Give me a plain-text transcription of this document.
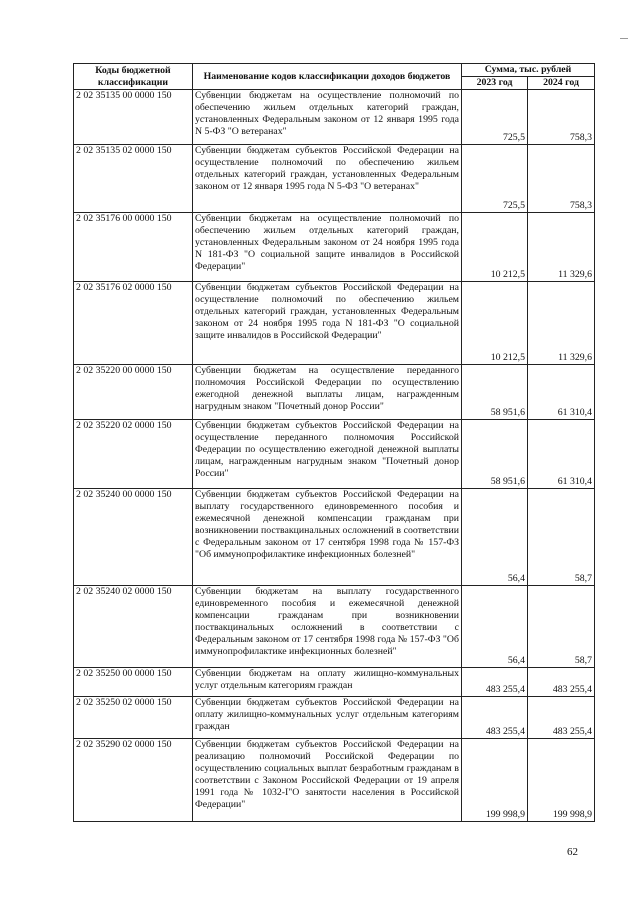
Коды бюджетной классификации	Наименование кодов классификации доходов бюджетов	Сумма, тыс. рублей	
		2023 год	2024 год
2 02 35135 00 0000 150	Субвенции бюджетам на осуществление полномочий по обеспечению жильем отдельных категорий граждан, установленных Федеральным законом от 12 января 1995 года N 5-ФЗ "О ветеранах"	725,5	758,3
2 02 35135 02 0000 150	Субвенции бюджетам субъектов Российской Федерации на осуществление полномочий по обеспечению жильем отдельных категорий граждан, установленных Федеральным законом от 12 января 1995 года N 5-ФЗ "О ветеранах"	725,5	758,3
2 02 35176 00 0000 150	Субвенции бюджетам на осуществление полномочий по обеспечению жильем отдельных категорий граждан, установленных Федеральным законом от 24 ноября 1995 года N 181-ФЗ "О социальной защите инвалидов в Российской Федерации"	10 212,5	11 329,6
2 02 35176 02 0000 150	Субвенции бюджетам субъектов Российской Федерации на осуществление полномочий по обеспечению жильем отдельных категорий граждан, установленных Федеральным законом от 24 ноября 1995 года N 181-ФЗ "О социальной защите инвалидов в Российской Федерации"	10 212,5	11 329,6
2 02 35220 00 0000 150	Субвенции бюджетам на осуществление переданного полномочия Российской Федерации по осуществлению ежегодной денежной выплаты лицам, награжденным нагрудным знаком "Почетный донор России"	58 951,6	61 310,4
2 02 35220 02 0000 150	Субвенции бюджетам субъектов Российской Федерации на осуществление переданного полномочия Российской Федерации по осуществлению ежегодной денежной выплаты лицам, награжденным нагрудным знаком "Почетный донор России"	58 951,6	61 310,4
2 02 35240 00 0000 150	Субвенции бюджетам субъектов Российской Федерации на выплату государственного единовременного пособия и ежемесячной денежной компенсации гражданам при возникновении поствакцинальных осложнений в соответствии с Федеральным законом от 17 сентября 1998 года № 157-ФЗ "Об иммунопрофилактике инфекционных болезней"	56,4	58,7
2 02 35240 02 0000 150	Субвенции бюджетам на выплату государственного единовременного пособия и ежемесячной денежной компенсации гражданам при возникновении поствакцинальных осложнений в соответствии с Федеральным законом от 17 сентября 1998 года № 157-ФЗ "Об иммунопрофилактике инфекционных болезней"	56,4	58,7
2 02 35250 00 0000 150	Субвенции бюджетам на оплату жилищно-коммунальных услуг отдельным категориям граждан	483 255,4	483 255,4
2 02 35250 02 0000 150	Субвенции бюджетам субъектов Российской Федерации на оплату жилищно-коммунальных услуг отдельным категориям граждан	483 255,4	483 255,4
2 02 35290 02 0000 150	Субвенции бюджетам субъектов Российской Федерации на реализацию полномочий Российской Федерации по осуществлению социальных выплат безработным гражданам в соответствии с Законом Российской Федерации от 19 апреля 1991 года № 1032-I"О занятости населения в Российской Федерации"	199 998,9	199 998,9
62
